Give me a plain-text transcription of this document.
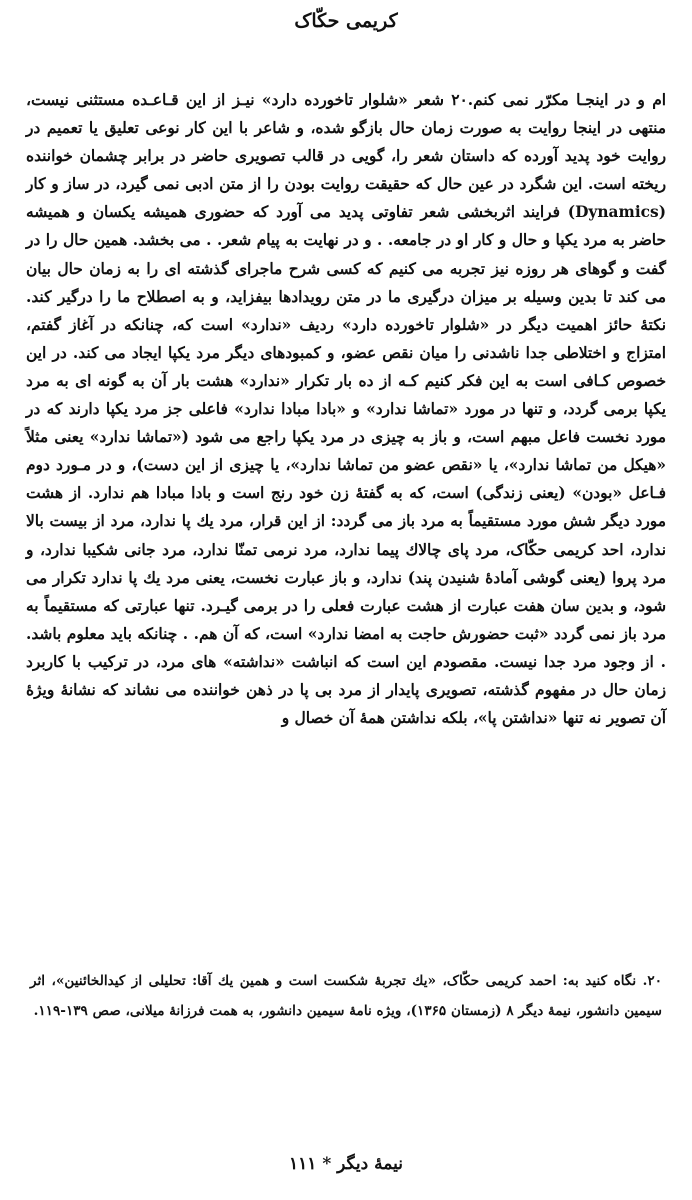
کریمی حکّاک

ام و در اینجـا مکرّر نمی کنم.۲۰ شعر «شلوار تاخورده دارد» نیـز از این قـاعـده مستثنی نیست، منتهی در اینجا روایت به صورت زمان حال بازگو شده، و شاعر با این کار نوعی تعلیق یا تعمیم در روایت خود پدید آورده که داستان شعر را، گویی در قالب تصویری حاضر در برابر چشمان خواننده ریخته است. این شگرد در عین حال که حقیقت روایت بودن را از متن ادبی نمی گیرد، در ساز و کار (Dynamics) فرایند اثربخشی شعر تفاوتی پدید می آورد که حضوری همیشه یکسان و همیشه حاضر به مرد یکپا و حال و کار او در جامعه. . و در نهایت به پیام شعر. . می بخشد. همین حال را در گفت و گوهای هر روزه نیز تجربه می کنیم که کسی شرح ماجرای گذشته ای را به زمان حال بیان می کند تا بدین وسیله بر میزان درگیری ما در متن رویدادها بیفزاید، و به اصطلاح ما را درگیر کند. نکتهٔ حائز اهمیت دیگر در «شلوار تاخورده دارد» ردیف «ندارد» است که، چنانکه در آغاز گفتم، امتزاج و اختلاطی جدا ناشدنی را میان نقص عضو، و کمبودهای دیگر مرد یکپا ایجاد می کند. در این خصوص کـافی است به این فکر کنیم کـه از ده بار تکرار «ندارد» هشت بار آن به گونه ای به مرد یکپا برمی گردد، و تنها در مورد «تماشا ندارد» و «بادا مبادا ندارد» فاعلی جز مرد یکپا دارند که در مورد نخست فاعل مبهم است، و باز به چیزی در مرد یکپا راجع می شود («تماشا ندارد» یعنی مثلاً «هیکل من تماشا ندارد»، یا «نقص عضو من تماشا ندارد»، یا چیزی از این دست)، و در مـورد دوم فـاعل «بودن» (یعنی زندگی) است، که به گفتهٔ زن خود رنج است و بادا مبادا هم ندارد. از هشت مورد دیگر شش مورد مستقیماً به مرد باز می گردد: از این قرار، مرد یك پا ندارد، مرد از بیست بالا ندارد، احد کریمی حکّاک، مرد پای چالاك پیما ندارد، مرد نرمی تمنّا ندارد، مرد جانی شکیبا ندارد، و مرد پروا (یعنی گوشی آمادهٔ شنیدن پند) ندارد، و باز عبارت نخست، یعنی مرد یك پا ندارد تکرار می شود، و بدین سان هفت عبارت از هشت عبارت فعلی را در برمی گیـرد. تنها عبارتی که مستقیماً به مرد باز نمی گردد «ثبت حضورش حاجت به امضا ندارد» است، که آن هم. . چنانکه باید معلوم باشد. . از وجود مرد جدا نیست. مقصودم این است که انباشت «نداشته» های مرد، در ترکیب با کاربرد زمان حال در مفهوم گذشته، تصویری پایدار از مرد بی پا در ذهن خواننده می نشاند که نشانهٔ ویژهٔ آن تصویر نه تنها «نداشتن پا»، بلکه نداشتن همهٔ آن خصال و

۲۰. نگاه کنید به: احمد کریمی حکّاک، «یك تجربهٔ شکست است و همین یك آقا: تحلیلی از کیدالخائنین»، اثر سیمین دانشور، نیمهٔ دیگر ۸ (زمستان ۱۳۶۵)، ویژه نامهٔ سیمین دانشور، به همت فرزانهٔ میلانی، صص ۱۳۹-۱۱۹.

نیمهٔ دیگر * ۱۱۱
